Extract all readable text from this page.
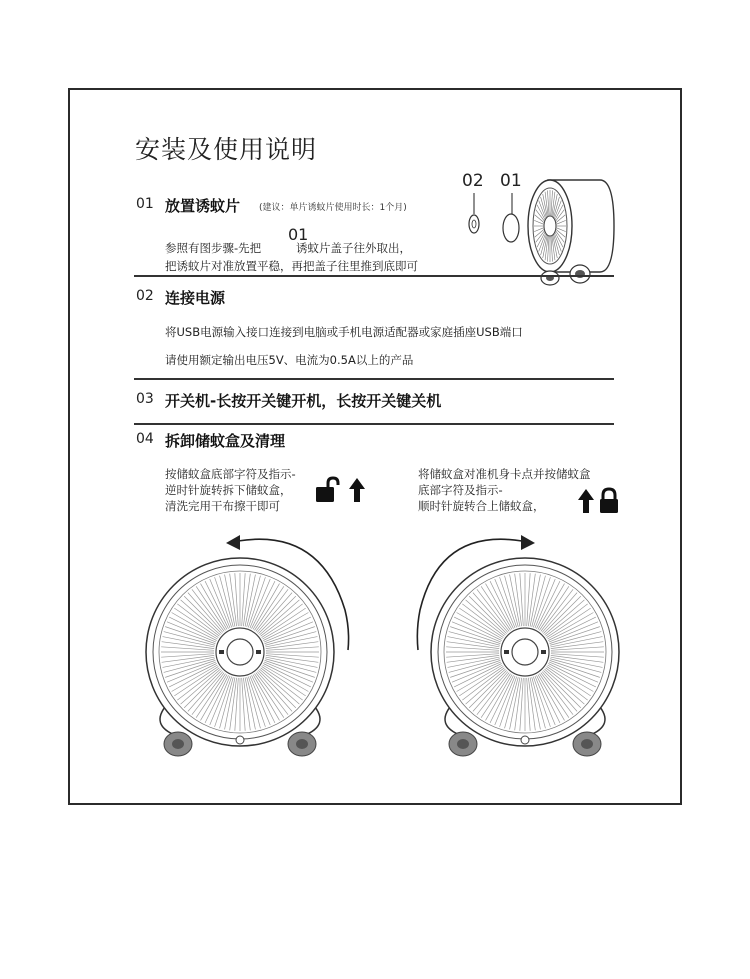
安装及使用说明
01 放置诱蚊片 (建议：单片诱蚊片使用时长：1个月)
参照有图步骤-先把
01
诱蚊片盖子往外取出，
把诱蚊片对准放置平稳，再把盖子往里推到底即可
02 01
02 连接电源
将USB电源输入接口连接到电脑或手机电源适配器或家庭插座USB端口
请使用额定输出电压5V、电流为0.5A以上的产品
03 开关机-长按开关键开机，长按开关键关机
04 拆卸储蚊盒及清理
按储蚊盒底部字符及指示-
逆时针旋转拆下储蚊盒，
清洗完用干布擦干即可
将储蚊盒对准机身卡点并按储蚊盒
底部字符及指示-
顺时针旋转合上储蚊盒，
